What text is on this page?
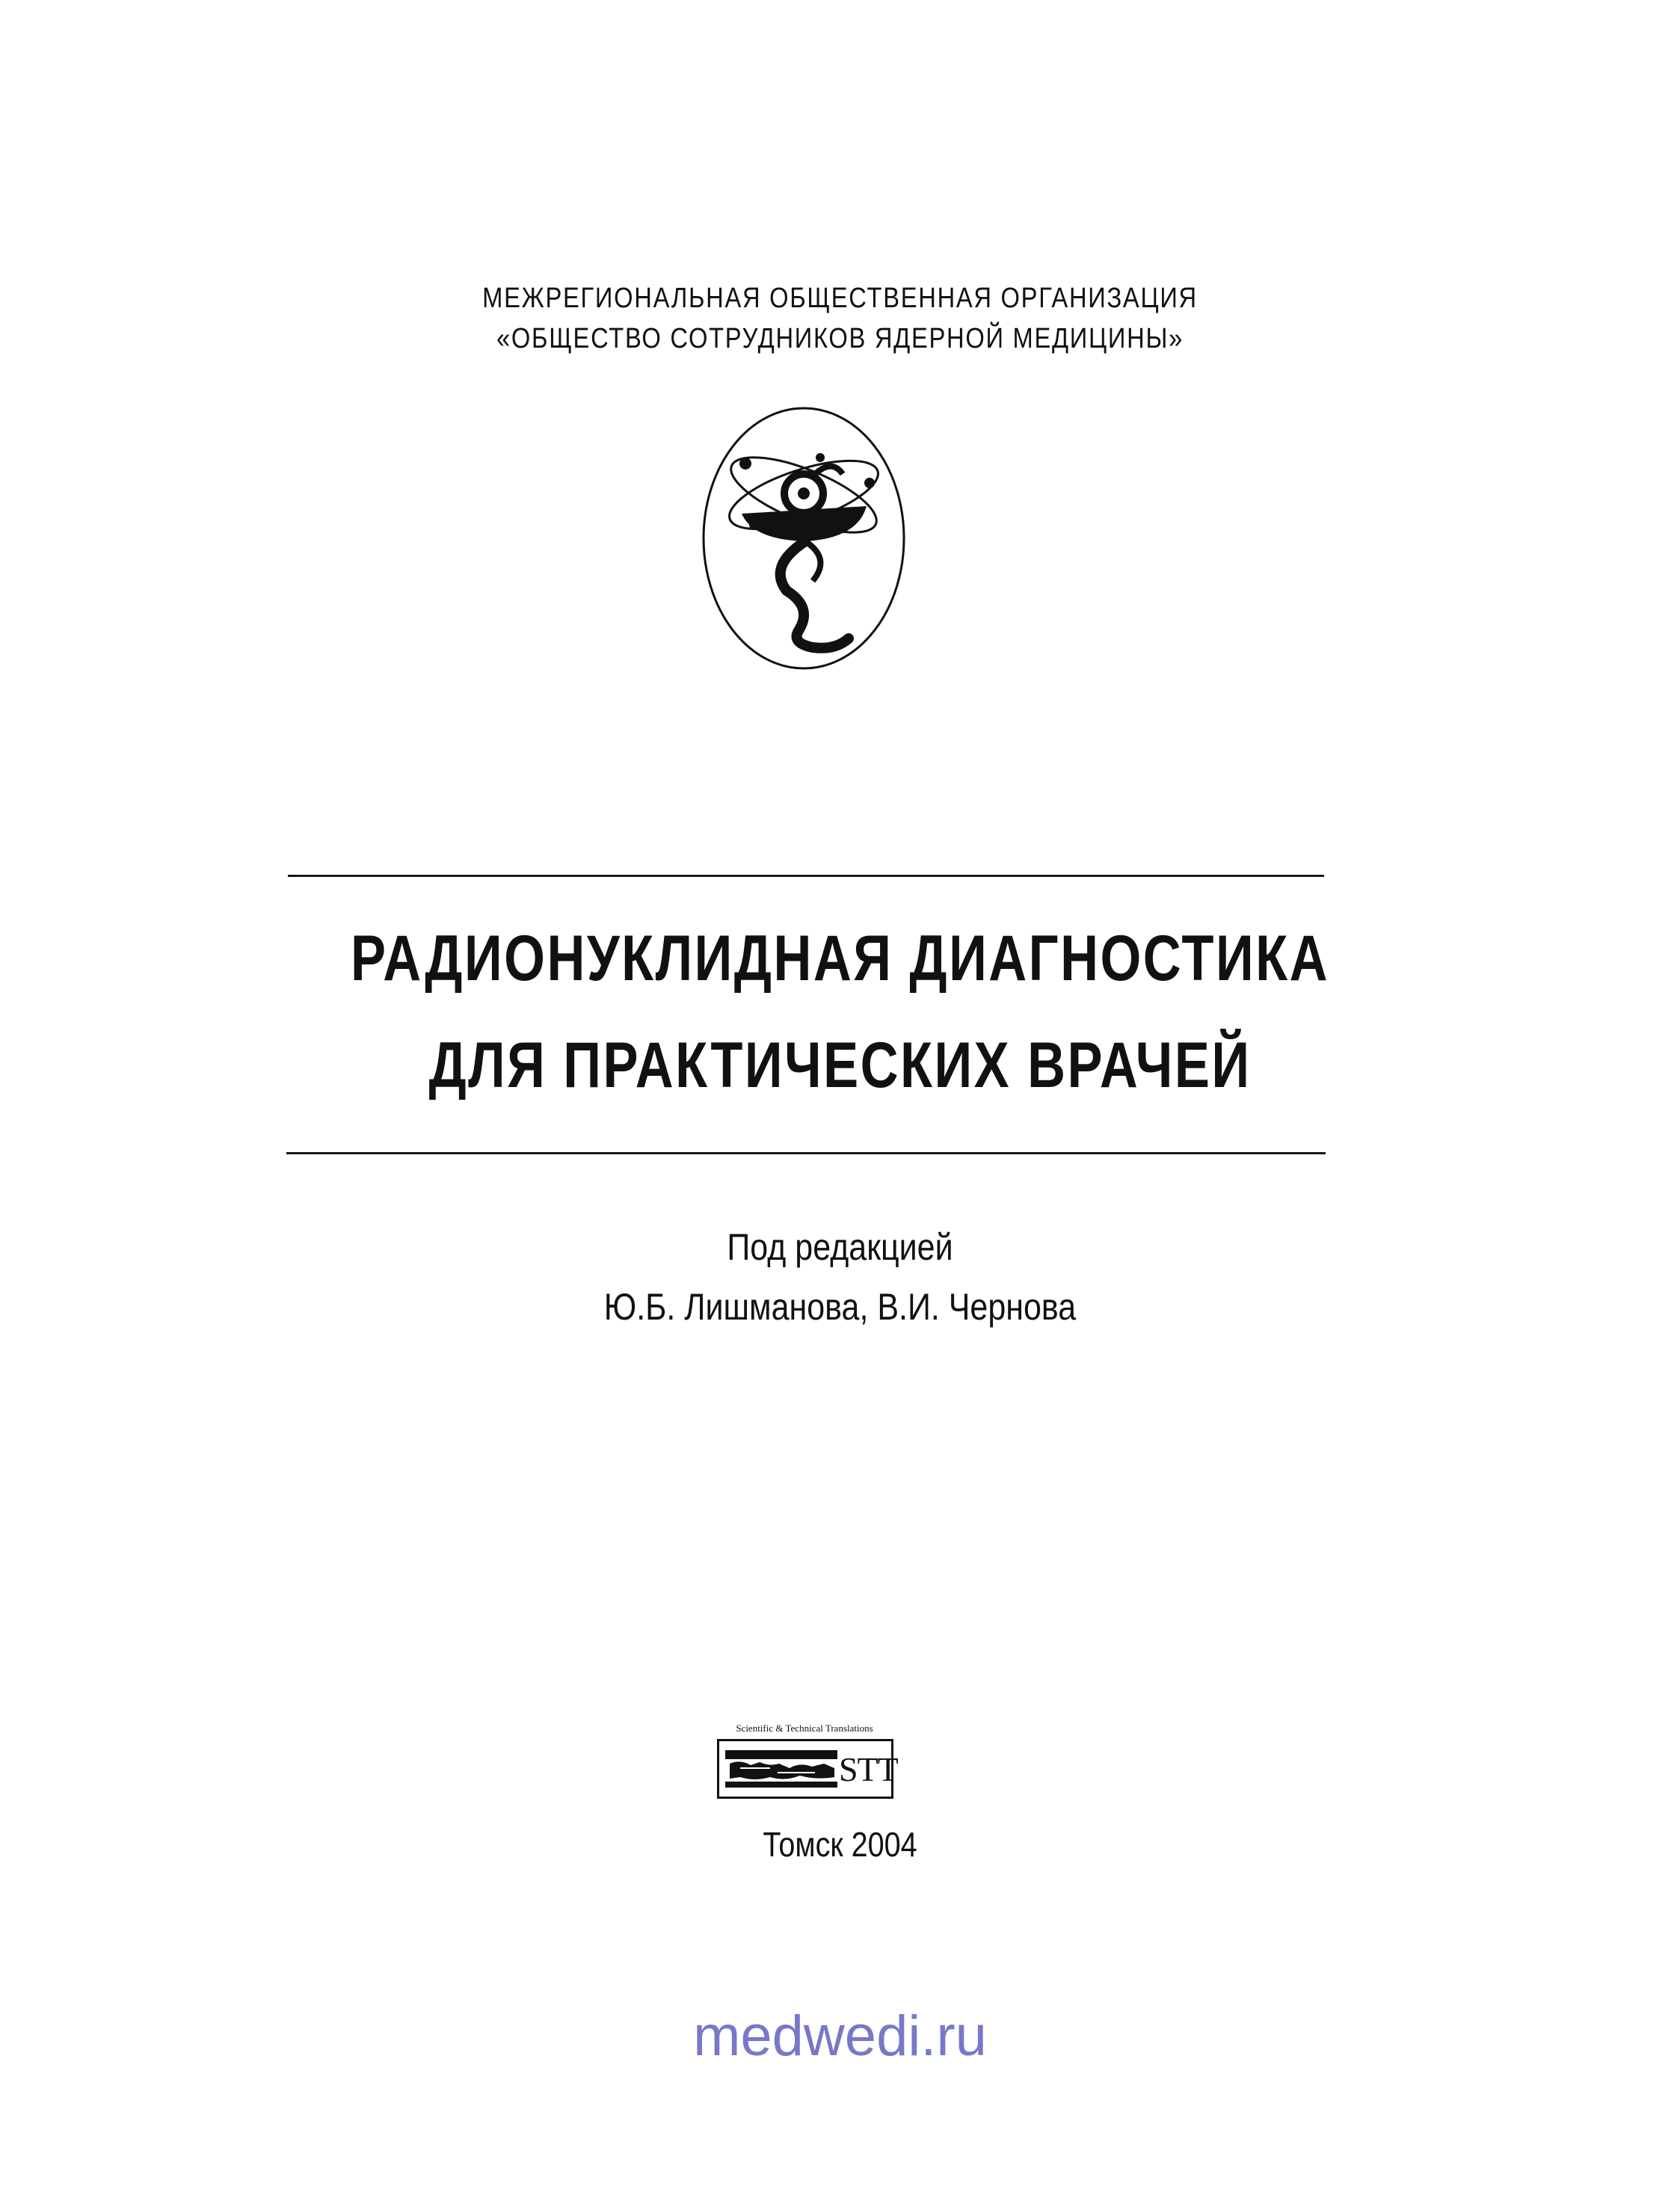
МЕЖРЕГИОНАЛЬНАЯ ОБЩЕСТВЕННАЯ ОРГАНИЗАЦИЯ
«ОБЩЕСТВО СОТРУДНИКОВ ЯДЕРНОЙ МЕДИЦИНЫ»
РАДИОНУКЛИДНАЯ ДИАГНОСТИКА
ДЛЯ ПРАКТИЧЕСКИХ ВРАЧЕЙ
Под редакцией
Ю.Б. Лишманова, В.И. Чернова
Scientific & Technical Translations
STT
Томск 2004
medwedi.ru
